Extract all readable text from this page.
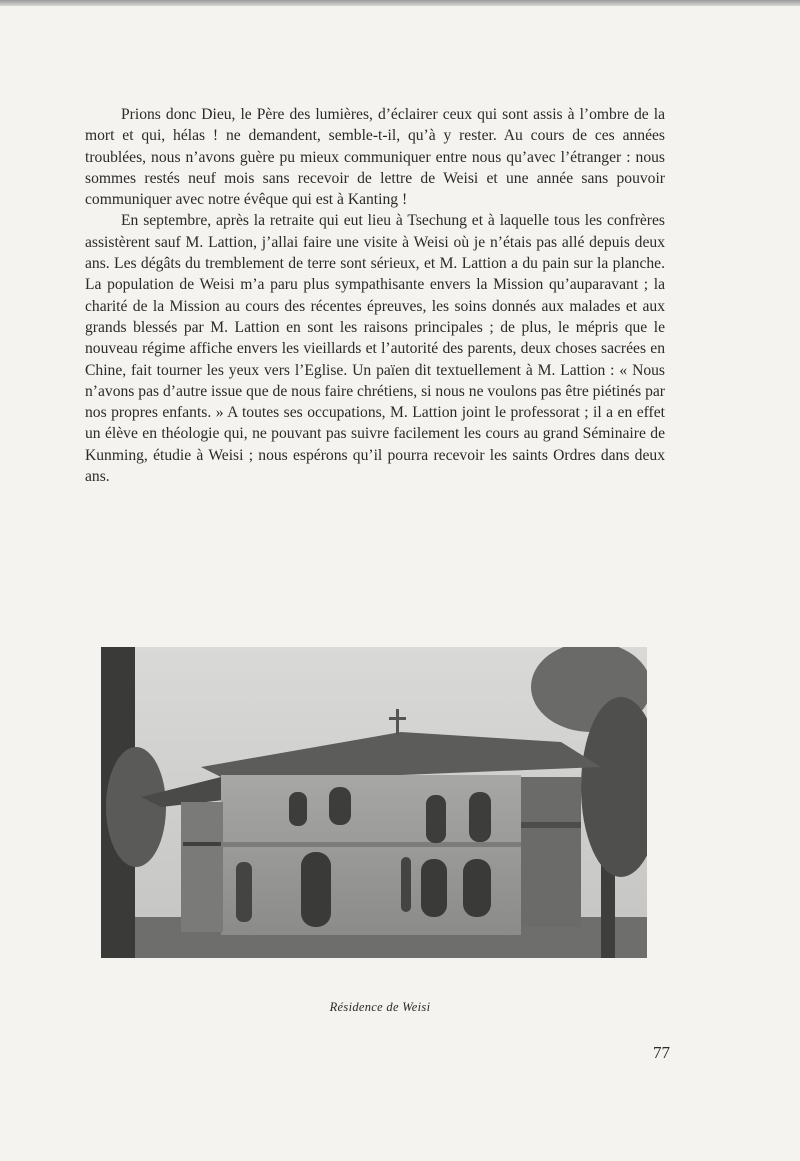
Prions donc Dieu, le Père des lumières, d’éclairer ceux qui sont assis à l’ombre de la mort et qui, hélas ! ne demandent, semble-t-il, qu’à y rester. Au cours de ces années troublées, nous n’avons guère pu mieux communiquer entre nous qu’avec l’étranger : nous sommes restés neuf mois sans recevoir de lettre de Weisi et une année sans pouvoir communiquer avec notre évêque qui est à Kanting !

En septembre, après la retraite qui eut lieu à Tsechung et à laquelle tous les confrères assistèrent sauf M. Lattion, j’allai faire une visite à Weisi où je n’étais pas allé depuis deux ans. Les dégâts du tremblement de terre sont sérieux, et M. Lattion a du pain sur la planche. La population de Weisi m’a paru plus sympathisante envers la Mission qu’auparavant ; la charité de la Mission au cours des récentes épreuves, les soins donnés aux malades et aux grands blessés par M. Lattion en sont les raisons principales ; de plus, le mépris que le nouveau régime affiche envers les vieillards et l’autorité des parents, deux choses sacrées en Chine, fait tourner les yeux vers l’Eglise. Un païen dit textuellement à M. Lattion : « Nous n’avons pas d’autre issue que de nous faire chrétiens, si nous ne voulons pas être piétinés par nos propres enfants. » A toutes ses occupations, M. Lattion joint le professorat ; il a en effet un élève en théologie qui, ne pouvant pas suivre facilement les cours au grand Séminaire de Kunming, étudie à Weisi ; nous espérons qu’il pourra recevoir les saints Ordres dans deux ans.

Résidence de Weisi
77
